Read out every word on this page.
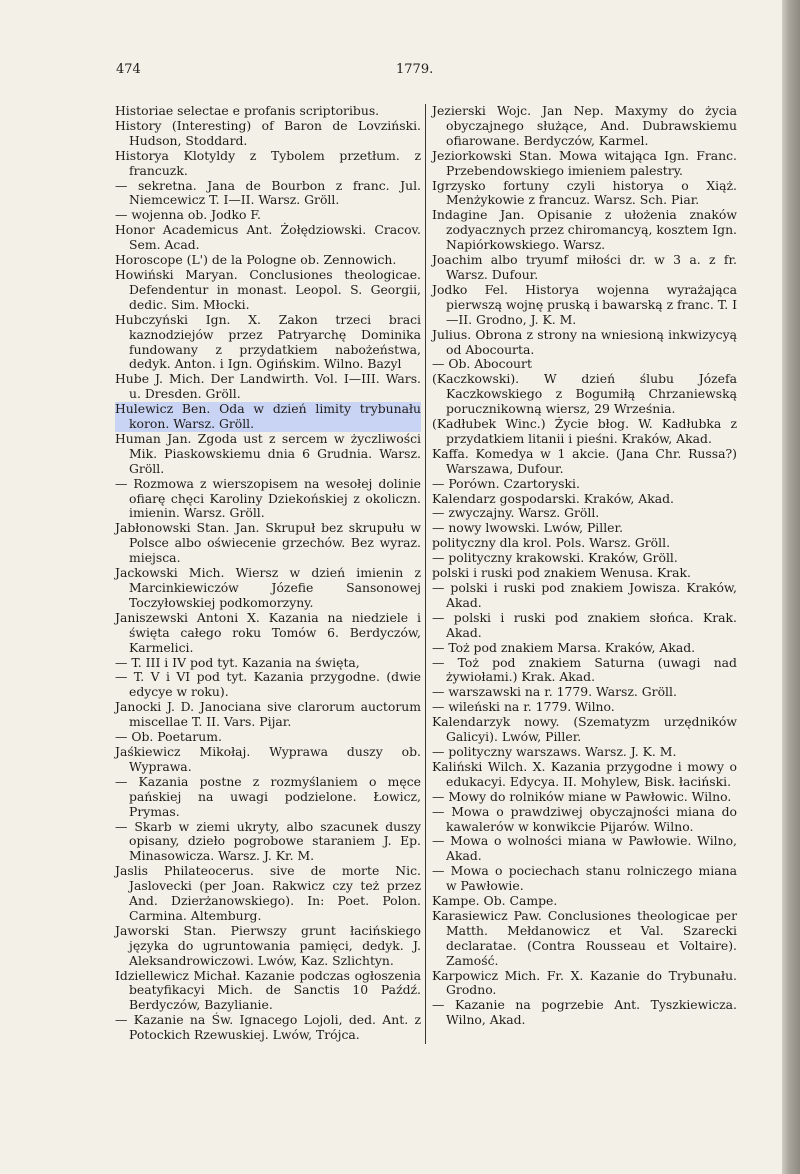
474	1779.

Historiae selectae e profanis scriptoribus.

History (Interesting) of Baron de Lovziński. Hudson, Stoddard.

Historya Klotyldy z Tybolem przetłum. z francuzk.

— sekretna. Jana de Bourbon z franc. Jul. Niemcewicz T. I—II. Warsz. Gröll.

— wojenna ob. Jodko F.

Honor Academicus Ant. Żołędziowski. Cracov. Sem. Acad.

Horoscope (L') de la Pologne ob. Zennowich.

Howiński Maryan. Conclusiones theologicae. Defendentur in monast. Leopol. S. Georgii, dedic. Sim. Młocki.

Hubczyński Ign. X. Zakon trzeci braci kaznodziejów przez Patryarchę Dominika fundowany z przydatkiem nabożeństwa, dedyk. Anton. i Ign. Ogińskim. Wilno. Bazyl

Hube J. Mich. Der Landwirth. Vol. I—III. Wars. u. Dresden. Gröll.

Hulewicz Ben. Oda w dzień limity trybunału koron. Warsz. Gröll.

Human Jan. Zgoda ust z sercem w życzliwości Mik. Piaskowskiemu dnia 6 Grudnia. Warsz. Gröll.

— Rozmowa z wierszopisem na wesołej dolinie ofiarę chęci Karoliny Dziekońskiej z okoliczn. imienin. Warsz. Gröll.

Jabłonowski Stan. Jan. Skrupuł bez skrupułu w Polsce albo oświecenie grzechów. Bez wyraz. miejsca.

Jackowski Mich. Wiersz w dzień imienin z Marcinkiewiczów Józefie Sansonowej Toczyłowskiej podkomorzyny.

Janiszewski Antoni X. Kazania na niedziele i święta całego roku Tomów 6. Berdyczów, Karmelici.

— T. III i IV pod tyt. Kazania na święta,

— T. V i VI pod tyt. Kazania przygodne. (dwie edycye w roku).

Janocki J. D. Janociana sive clarorum auctorum miscellae T. II. Vars. Pijar.

— Ob. Poetarum.

Jaśkiewicz Mikołaj. Wyprawa duszy ob. Wyprawa.

— Kazania postne z rozmyślaniem o męce pańskiej na uwagi podzielone. Łowicz, Prymas.

— Skarb w ziemi ukryty, albo szacunek duszy opisany, dzieło pogrobowe staraniem J. Ep. Minasowicza. Warsz. J. Kr. M.

Jaslis Philateocerus. sive de morte Nic. Jaslovecki (per Joan. Rakwicz czy też przez And. Dzierżanowskiego). In: Poet. Polon. Carmina. Altemburg.

Jaworski Stan. Pierwszy grunt łacińskiego języka do ugruntowania pamięci, dedyk. J. Aleksandrowiczowi. Lwów, Kaz. Szlichtyn.

Idziellewicz Michał. Kazanie podczas ogłoszenia beatyfikacyi Mich. de Sanctis 10 Paźdź. Berdyczów, Bazylianie.

— Kazanie na Św. Ignacego Lojoli, ded. Ant. z Potockich Rzewuskiej. Lwów, Trójca.

Jezierski Wojc. Jan Nep. Maxymy do życia obyczajnego służące, And. Dubrawskiemu ofiarowane. Berdyczów, Karmel.

Jeziorkowski Stan. Mowa witająca Ign. Franc. Przebendowskiego imieniem palestry.

Igrzysko fortuny czyli historya o Xiąż. Menżykowie z francuz. Warsz. Sch. Piar.

Indagine Jan. Opisanie z ułożenia znaków zodyacznych przez chiromancyą, kosztem Ign. Napiórkowskiego. Warsz.

Joachim albo tryumf miłości dr. w 3 a. z fr. Warsz. Dufour.

Jodko Fel. Historya wojenna wyrażająca pierwszą wojnę pruską i bawarską z franc. T. I—II. Grodno, J. K. M.

Julius. Obrona z strony na wniesioną inkwizycyą od Abocourta.

— Ob. Abocourt

(Kaczkowski). W dzień ślubu Józefa Kaczkowskiego z Bogumiłą Chrzaniewską porucznikowną wiersz, 29 Września.

(Kadłubek Winc.) Życie błog. W. Kadłubka z przydatkiem litanii i pieśni. Kraków, Akad.

Kaffa. Komedya w 1 akcie. (Jana Chr. Russa?) Warszawa, Dufour.

— Porówn. Czartoryski.

Kalendarz gospodarski. Kraków, Akad.

— zwyczajny. Warsz. Gröll.

— nowy lwowski. Lwów, Piller.

polityczny dla krol. Pols. Warsz. Gröll.

— polityczny krakowski. Kraków, Gröll.

polski i ruski pod znakiem Wenusa. Krak.

— polski i ruski pod znakiem Jowisza. Kraków, Akad.

— polski i ruski pod znakiem słońca. Krak. Akad.

— Toż pod znakiem Marsa. Kraków, Akad.

— Toż pod znakiem Saturna (uwagi nad żywiołami.) Krak. Akad.

— warszawski na r. 1779. Warsz. Gröll.

— wileński na r. 1779. Wilno.

Kalendarzyk nowy. (Szematyzm urzędników Galicyi). Lwów, Piller.

— polityczny warszaws. Warsz. J. K. M.

Kaliński Wilch. X. Kazania przygodne i mowy o edukacyi. Edycya. II. Mohylew, Bisk. łaciński.

— Mowy do rolników miane w Pawłowic. Wilno.

— Mowa o prawdziwej obyczajności miana do kawalerów w konwikcie Pijarów. Wilno.

— Mowa o wolności miana w Pawłowie. Wilno, Akad.

— Mowa o pociechach stanu rolniczego miana w Pawłowie.

Kampe. Ob. Campe.

Karasiewicz Paw. Conclusiones theologicae per Matth. Mełdanowicz et Val. Szarecki declaratae. (Contra Rousseau et Voltaire). Zamość.

Karpowicz Mich. Fr. X. Kazanie do Trybunału. Grodno.

— Kazanie na pogrzebie Ant. Tyszkiewicza. Wilno, Akad.
